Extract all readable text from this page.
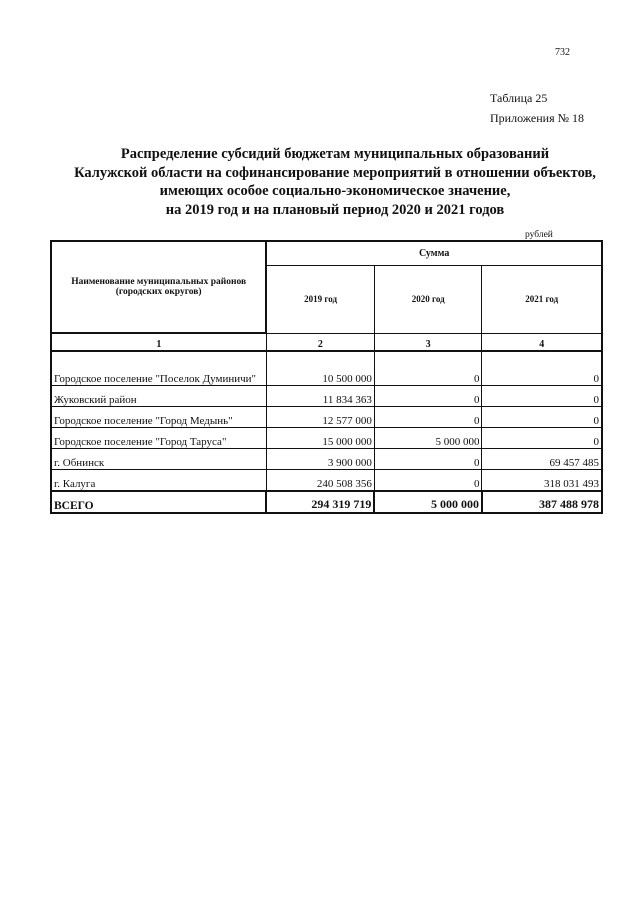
732
Таблица 25
Приложения № 18
Распределение субсидий бюджетам муниципальных образований
Калужской области на софинансирование мероприятий в отношении объектов,
имеющих особое социально-экономическое значение,
на 2019 год и на плановый период 2020 и 2021 годов
рублей
Наименование муниципальных районов (городских округов)	Сумма		
	2019 год	2020 год	2021 год
1	2	3	4
Городское поселение "Поселок Думиничи"	10 500 000	0	0
Жуковский район	11 834 363	0	0
Городское поселение "Город Медынь"	12 577 000	0	0
Городское поселение "Город Таруса"	15 000 000	5 000 000	0
г. Обнинск	3 900 000	0	69 457 485
г. Калуга	240 508 356	0	318 031 493
ВСЕГО	294 319 719	5 000 000	387 488 978
